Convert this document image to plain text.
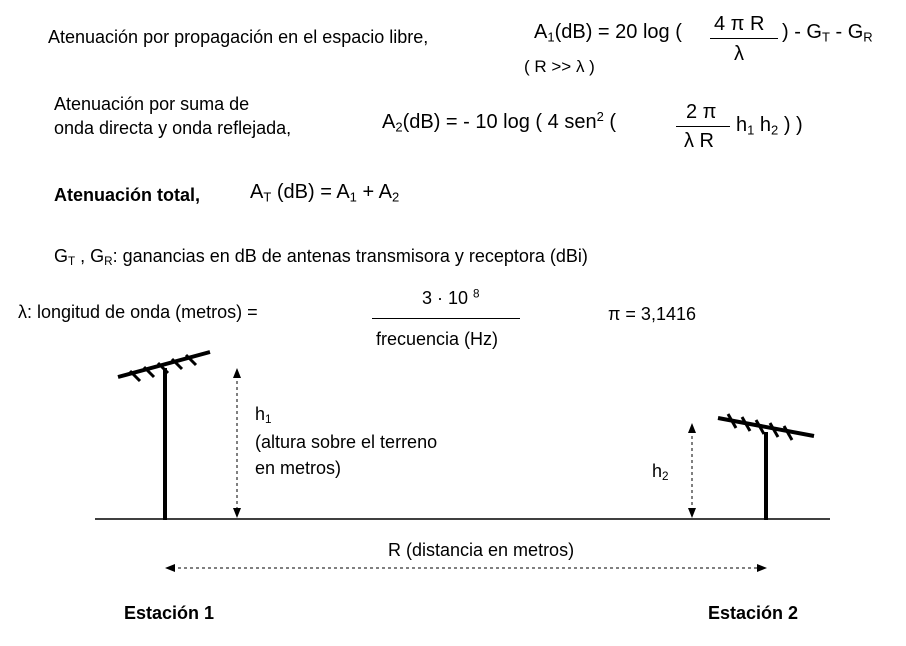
Atenuación por propagación en el espacio libre,	$A_1(dB) = 20$ log ( 4 π R
λ
) - $G_T - G_R$
( R >> λ )
Atenuación por suma de
onda directa y onda reflejada,	$A_2(dB)$ = - 10 log ( 4 sen$^2$ (	2 π
λ R
$h_1$ $h_2$ ) )
Atenuación total, $A_T$ $(dB) = A_1 + A_2$
$G_T$ , $G_R$: ganancias en dB de antenas transmisora y receptora (dBi)
λ: longitud de onda (metros) =
3 · 10 $^8$
frecuencia (Hz)
π = 3,1416
$h_1$
(altura sobre el terreno
en metros)	$h_2$
R (distancia en metros)
Estación 1	Estación 2
